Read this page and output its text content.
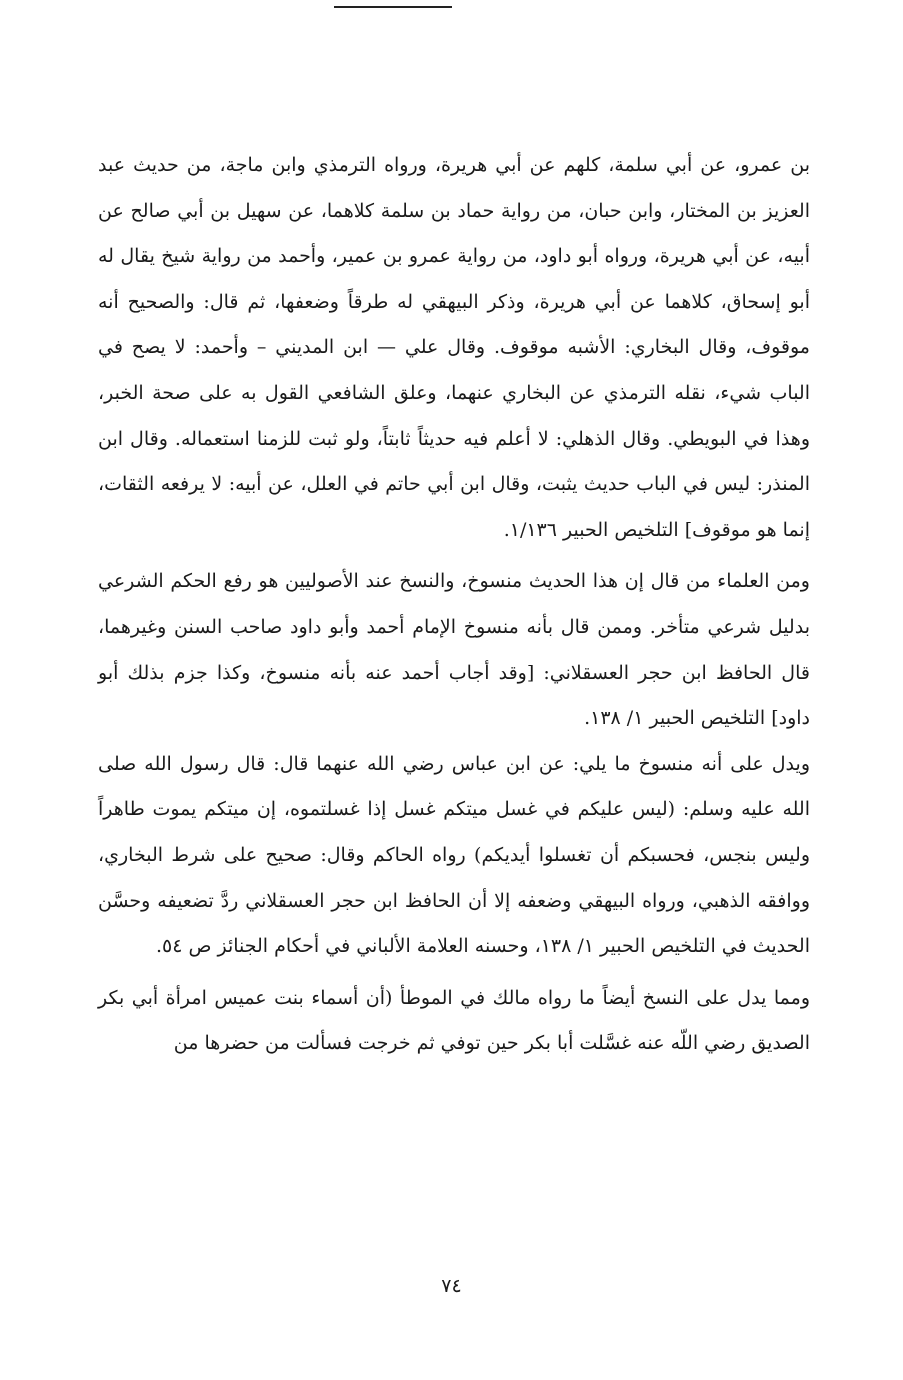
بن عمرو، عن أبي سلمة، كلهم عن أبي هريرة، ورواه الترمذي وابن ماجة، من حديث عبد العزيز بن المختار، وابن حبان، من رواية حماد بن سلمة كلاهما، عن سهيل بن أبي صالح عن أبيه، عن أبي هريرة، ورواه أبو داود، من رواية عمرو بن عمير، وأحمد من رواية شيخ يقال له أبو إسحاق، كلاهما عن أبي هريرة، وذكر البيهقي له طرقاً وضعفها، ثم قال: والصحيح أنه موقوف، وقال البخاري: الأشبه موقوف. وقال علي — ابن المديني – وأحمد: لا يصح في الباب شيء، نقله الترمذي عن البخاري عنهما، وعلق الشافعي القول به على صحة الخبر، وهذا في البويطي. وقال الذهلي: لا أعلم فيه حديثاً ثابتاً، ولو ثبت للزمنا استعماله. وقال ابن المنذر: ليس في الباب حديث يثبت، وقال ابن أبي حاتم في العلل، عن أبيه: لا يرفعه الثقات، إنما هو موقوف] التلخيص الحبير ١/١٣٦.

ومن العلماء من قال إن هذا الحديث منسوخ، والنسخ عند الأصوليين هو رفع الحكم الشرعي بدليل شرعي متأخر. وممن قال بأنه منسوخ الإمام أحمد وأبو داود صاحب السنن وغيرهما، قال الحافظ ابن حجر العسقلاني: [وقد أجاب أحمد عنه بأنه منسوخ، وكذا جزم بذلك أبو داود] التلخيص الحبير ١/ ١٣٨.

ويدل على أنه منسوخ ما يلي: عن ابن عباس رضي الله عنهما قال: قال رسول الله صلى الله عليه وسلم: (ليس عليكم في غسل ميتكم غسل إذا غسلتموه، إن ميتكم يموت طاهراً وليس بنجس، فحسبكم أن تغسلوا أيديكم) رواه الحاكم وقال: صحيح على شرط البخاري، ووافقه الذهبي، ورواه البيهقي وضعفه إلا أن الحافظ ابن حجر العسقلاني ردَّ تضعيفه وحسَّن الحديث في التلخيص الحبير ١/ ١٣٨، وحسنه العلامة الألباني في أحكام الجنائز ص ٥٤.

ومما يدل على النسخ أيضاً ما رواه مالك في الموطأ (أن أسماء بنت عميس امرأة أبي بكر الصديق رضي اللّه عنه غسَّلت أبا بكر حين توفي ثم خرجت فسألت من حضرها من

٧٤
